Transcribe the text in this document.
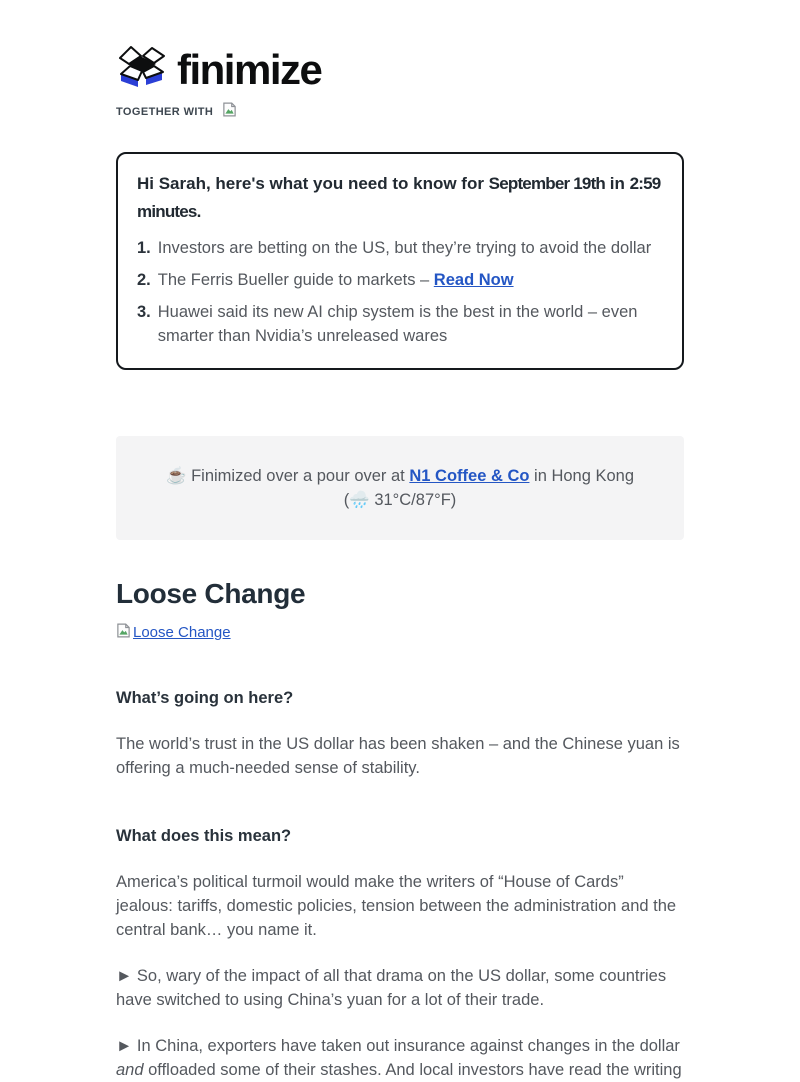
finimize
TOGETHER WITH

Hi Sarah, here's what you need to know for September 19th in 2:59 minutes.

1. Investors are betting on the US, but they’re trying to avoid the dollar
2. The Ferris Bueller guide to markets – Read Now
3. Huawei said its new AI chip system is the best in the world – even smarter than Nvidia’s unreleased wares
☕ Finimized over a pour over at N1 Coffee & Co in Hong Kong (🌧️ 31°C/87°F)
Loose Change
Loose Change
What’s going on here?

The world’s trust in the US dollar has been shaken – and the Chinese yuan is offering a much-needed sense of stability.

What does this mean?

America’s political turmoil would make the writers of “House of Cards” jealous: tariffs, domestic policies, tension between the administration and the central bank… you name it.

► So, wary of the impact of all that drama on the US dollar, some countries have switched to using China’s yuan for a lot of their trade.

► In China, exporters have taken out insurance against changes in the dollar and offloaded some of their stashes. And local investors have read the writing
